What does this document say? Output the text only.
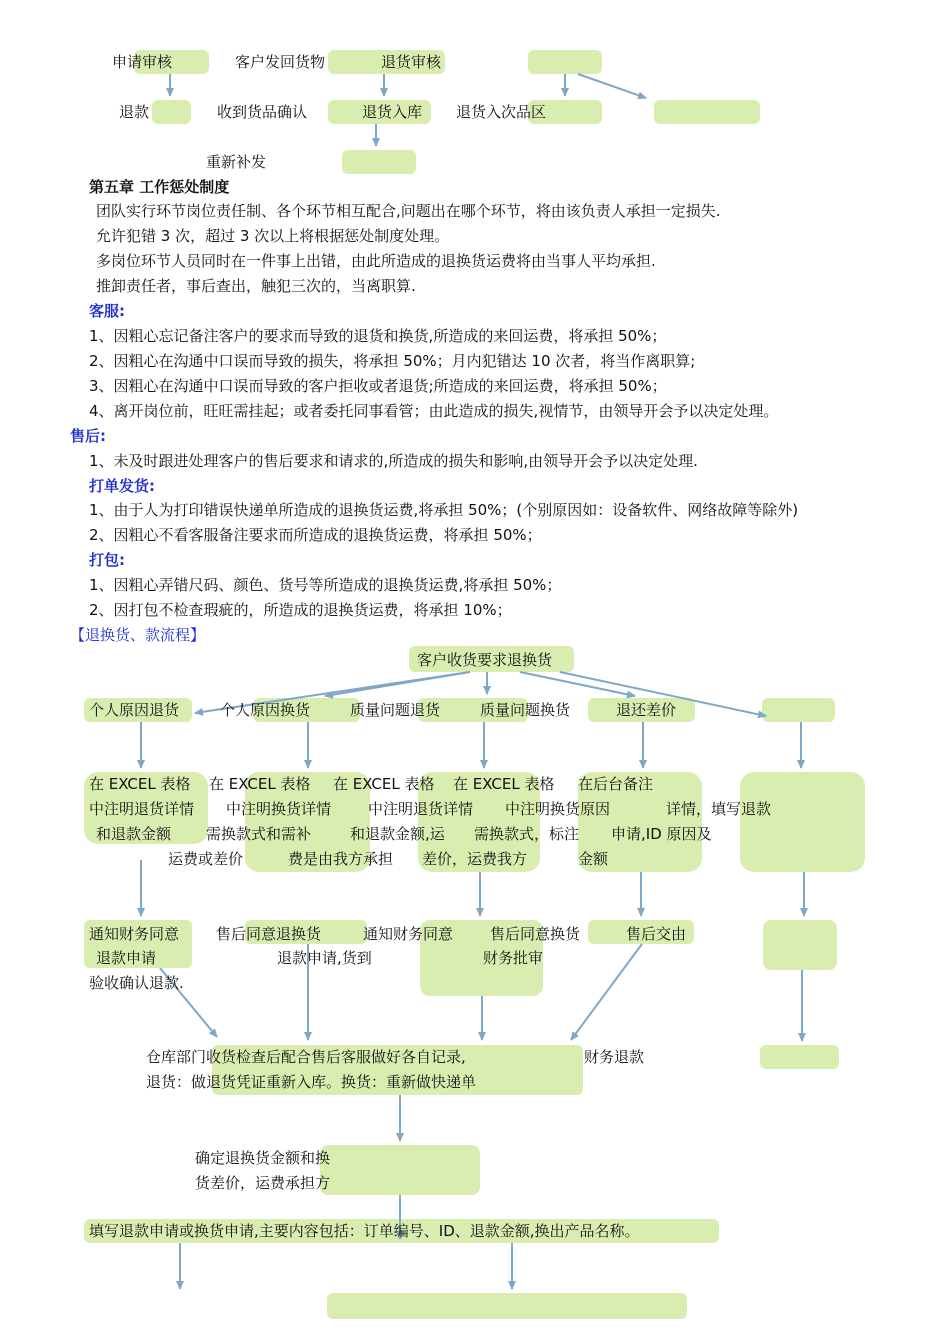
申请审核	客户发回货物	退货审核
退款	收到货品确认	退货入库 退货入次品区
重新补发
第五章 工作惩处制度
团队实行环节岗位责任制、各个环节相互配合,问题出在哪个环节，将由该负责人承担一定损失.
允许犯错 3 次，超过 3 次以上将根据惩处制度处理。
多岗位环节人员同时在一件事上出错，由此所造成的退换货运费将由当事人平均承担.
推卸责任者，事后查出，触犯三次的，当离职算.
客服:
1、因粗心忘记备注客户的要求而导致的退货和换货,所造成的来回运费，将承担 50%；
2、因粗心在沟通中口误而导致的损失，将承担 50%；月内犯错达 10 次者，将当作离职算;
3、因粗心在沟通中口误而导致的客户拒收或者退货;所造成的来回运费，将承担 50%；
4、离开岗位前，旺旺需挂起；或者委托同事看管；由此造成的损失,视情节，由领导开会予以决定处理。
售后:
1、未及时跟进处理客户的售后要求和请求的,所造成的损失和影响,由领导开会予以决定处理.
打单发货:
1、由于人为打印错误快递单所造成的退换货运费,将承担 50%；(个别原因如：设备软件、网络故障等除外)
2、因粗心不看客服备注要求而所造成的退换货运费，将承担 50%；
打包:
1、因粗心弄错尺码、颜色、货号等所造成的退换货运费,将承担 50%；
2、因打包不检查瑕疵的，所造成的退换货运费，将承担 10%；
【退换货、款流程】
客户收货要求退换货
个人原因退货	个人原因换货	质量问题退货	质量问题换货	退还差价
在 EXCEL 表格 在 EXCEL 表格 在 EXCEL 表格 在 EXCEL 表格 在后台备注
中注明退货详情 中注明换货详情 中注明退货详情 中注明换货原因	详情，填写退款
和退款金额 需换款式和需补	和退款金额,运 需换款式，标注 申请,ID 原因及
运费或差价	费是由我方承担 差价，运费我方	金额
通知财务同意
退款申请
验收确认退款.
售后同意退换货
退款申请,货到
通知财务同意 售后同意换货
财务批审
售后交由
仓库部门收货检查后配合售后客服做好各自记录,
退货：做退货凭证重新入库。换货：重新做快递单
财务退款
确定退换货金额和换
货差价，运费承担方
填写退款申请或换货申请,主要内容包括：订单编号、ID、退款金额,换出产品名称。
